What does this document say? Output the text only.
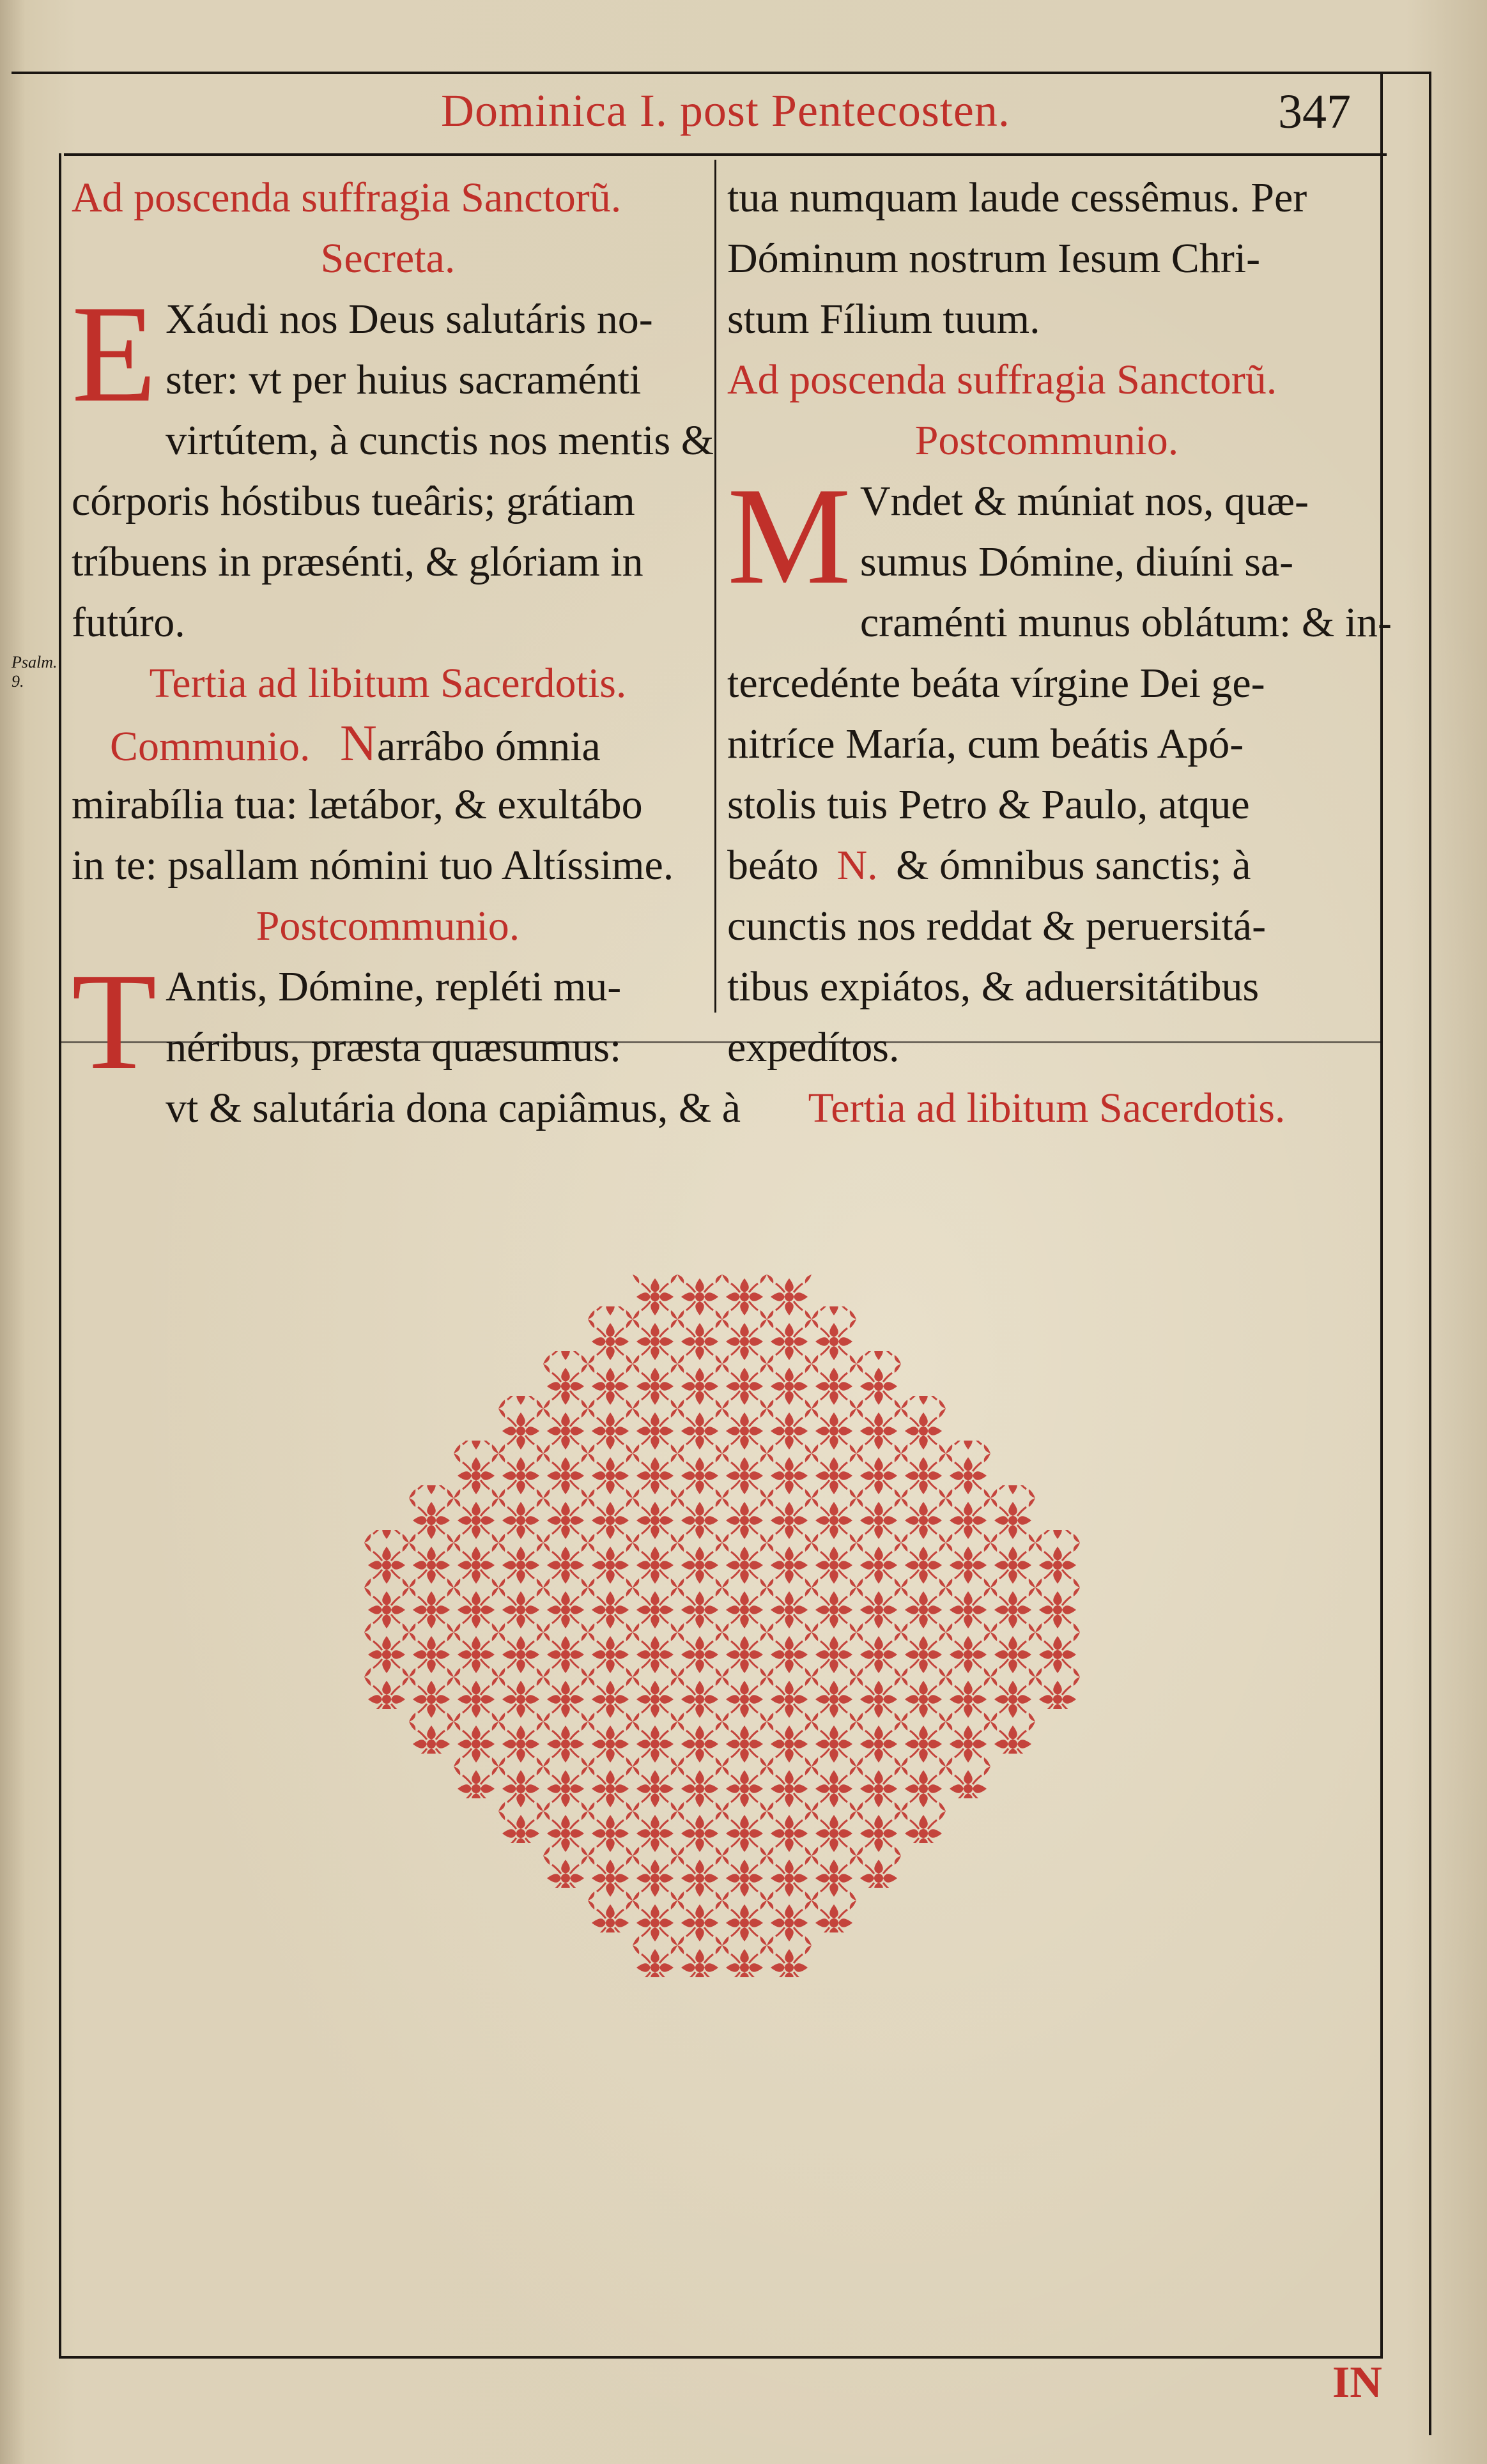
Dominica I. post Pentecosten.	347
Psalm. 9.
Ad poscenda suffragia Sanctorũ.
Secreta.
E Xáudi nos Deus salutáris no-
ster: vt per huius sacraménti
virtútem, à cunctis nos mentis &
córporis hóstibus tueâris; grátiam
tríbuens in præsénti, & glóriam in
futúro.
Tertia ad libitum Sacerdotis.
Communio. Narrâbo ómnia
mirabília tua: lætábor, & exultábo
in te: psallam nómini tuo Altíssime.
Postcommunio.
T Antis, Dómine, repléti mu-
néribus, præsta quæsumus:
vt & salutária dona capiâmus, & à
tua numquam laude cessêmus. Per
Dóminum nostrum Iesum Chri-
stum Fílium tuum.
Ad poscenda suffragia Sanctorũ.
Postcommunio.
M Vndet & múniat nos, quæ-
sumus Dómine, diuíni sa-
craménti munus oblátum: & in-
tercedénte beáta vírgine Dei ge-
nitríce María, cum beátis Apó-
stolis tuis Petro & Paulo, atque
beáto N. & ómnibus sanctis; à
cunctis nos reddat & peruersitá-
tibus expiátos, & aduersitátibus
expedítos.
Tertia ad libitum Sacerdotis.
IN
